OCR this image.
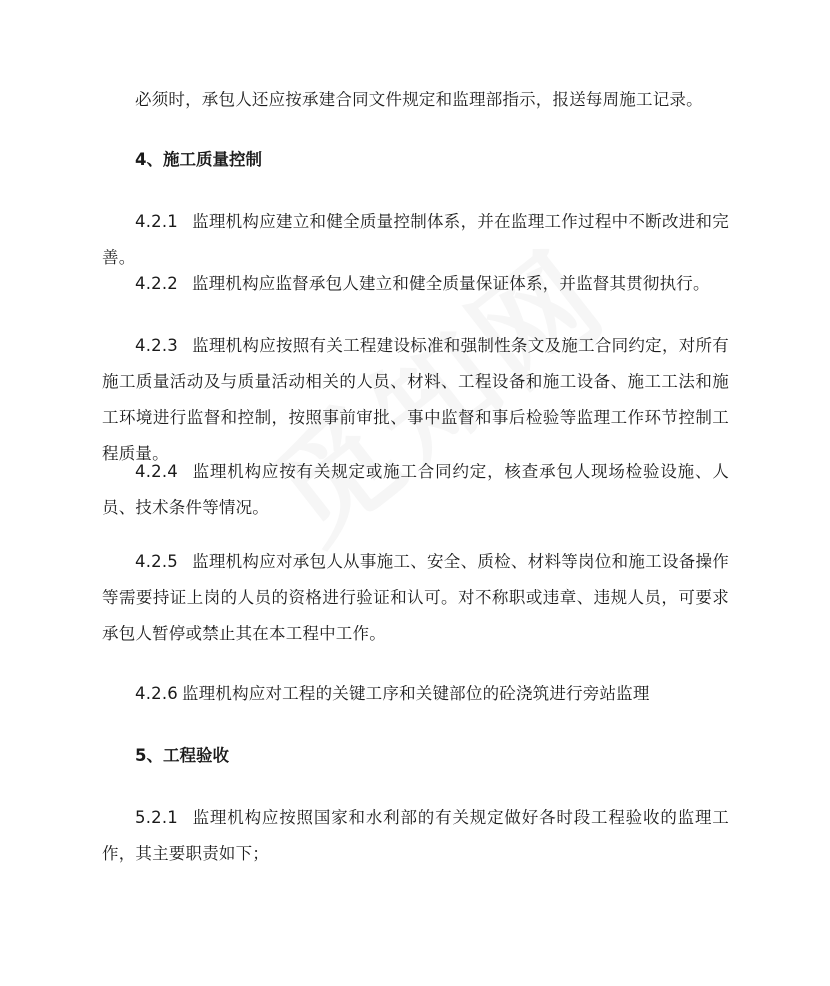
必须时，承包人还应按承建合同文件规定和监理部指示，报送每周施工记录。

4、施工质量控制

4.2.1 监理机构应建立和健全质量控制体系，并在监理工作过程中不断改进和完善。

4.2.2 监理机构应监督承包人建立和健全质量保证体系，并监督其贯彻执行。

4.2.3 监理机构应按照有关工程建设标准和强制性条文及施工合同约定，对所有施工质量活动及与质量活动相关的人员、材料、工程设备和施工设备、施工工法和施工环境进行监督和控制，按照事前审批、事中监督和事后检验等监理工作环节控制工程质量。

4.2.4 监理机构应按有关规定或施工合同约定，核查承包人现场检验设施、人员、技术条件等情况。

4.2.5 监理机构应对承包人从事施工、安全、质检、材料等岗位和施工设备操作等需要持证上岗的人员的资格进行验证和认可。对不称职或违章、违规人员，可要求承包人暂停或禁止其在本工程中工作。

4.2.6 监理机构应对工程的关键工序和关键部位的砼浇筑进行旁站监理

5、工程验收

5.2.1 监理机构应按照国家和水利部的有关规定做好各时段工程验收的监理工作，其主要职责如下；
